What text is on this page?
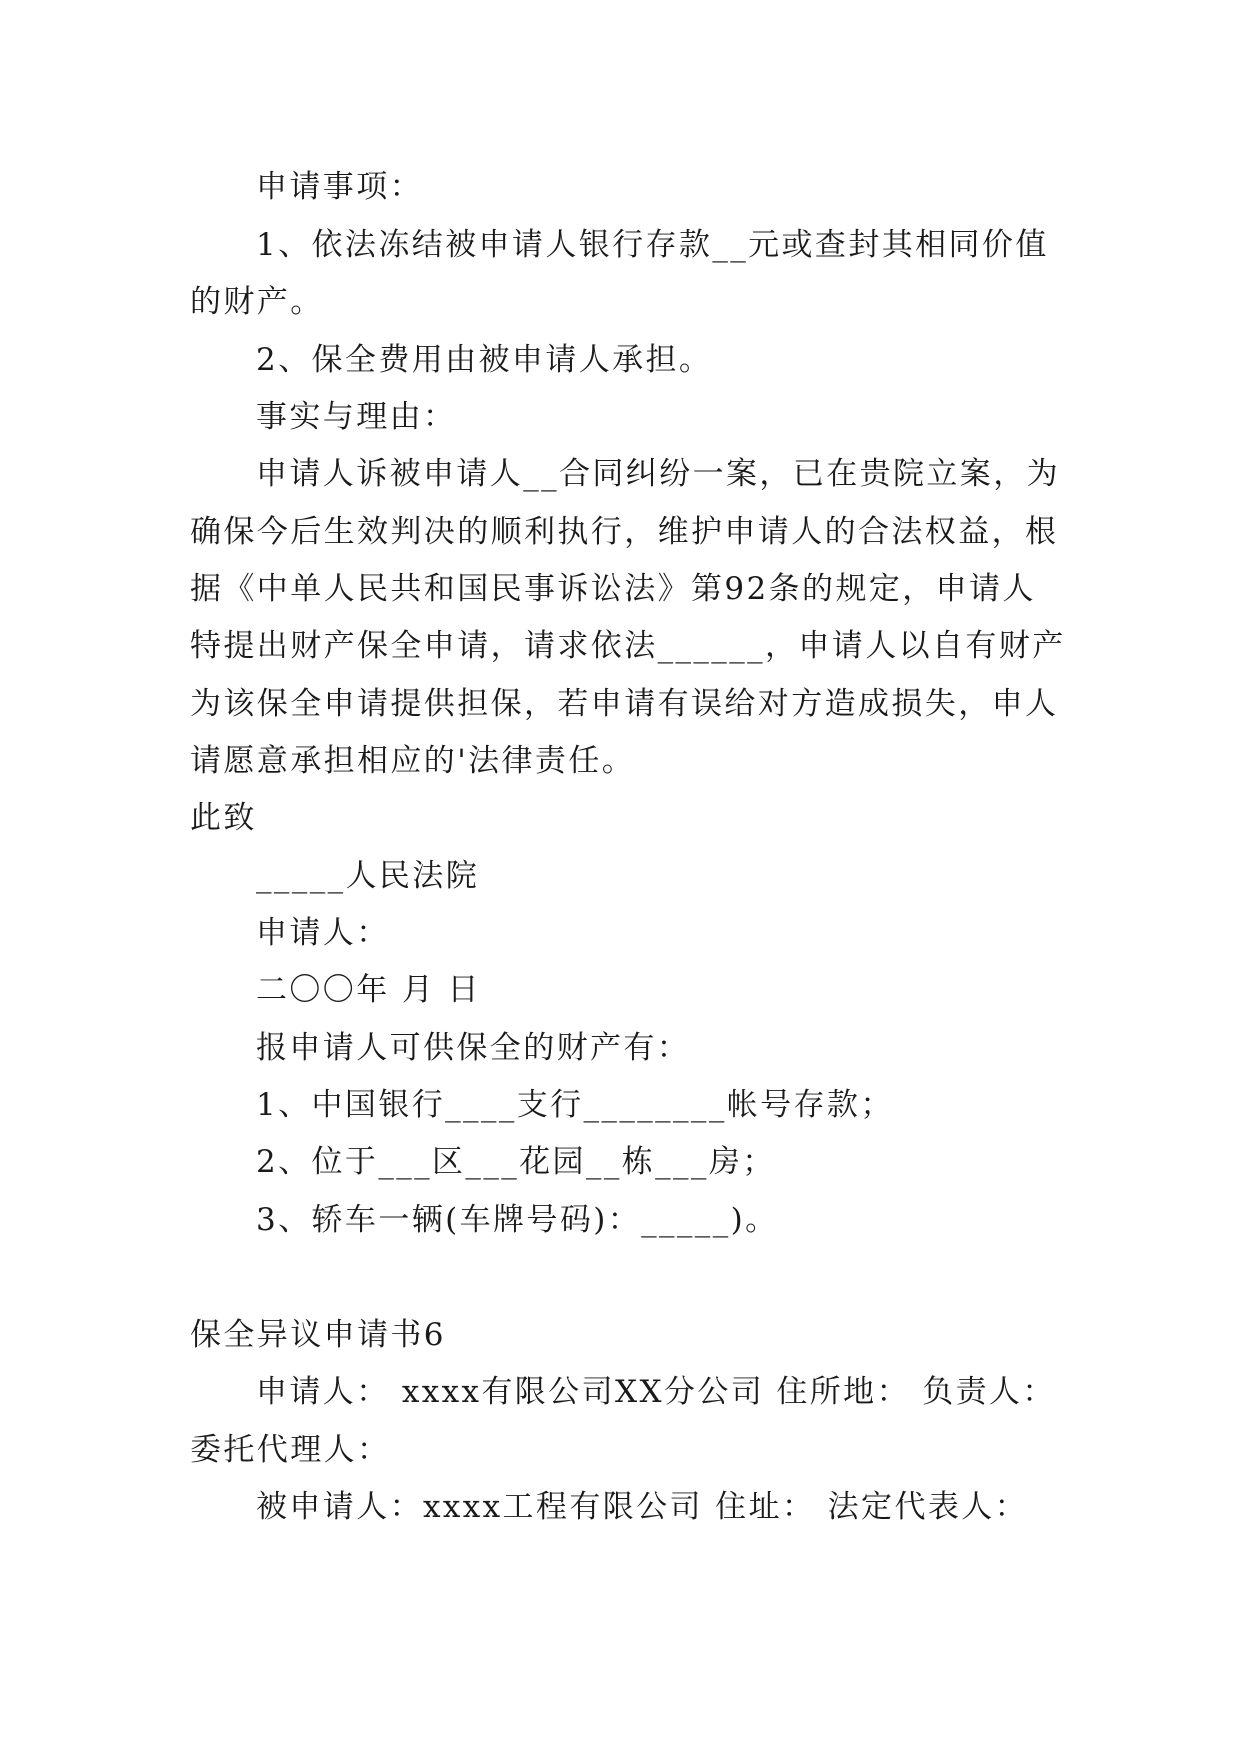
申请事项：
1、依法冻结被申请人银行存款__元或查封其相同价值
的财产。
2、保全费用由被申请人承担。
事实与理由：
申请人诉被申请人__合同纠纷一案，已在贵院立案，为
确保今后生效判决的顺利执行，维护申请人的合法权益，根
据《中单人民共和国民事诉讼法》第92条的规定，申请人
特提出财产保全申请，请求依法______，申请人以自有财产
为该保全申请提供担保，若申请有误给对方造成损失，申人
请愿意承担相应的'法律责任。
此致
_____人民法院
申请人：
二〇〇年 月 日
报申请人可供保全的财产有：
1、中国银行____支行________帐号存款；
2、位于___区___花园__栋___房；
3、轿车一辆(车牌号码)：_____)。
保全异议申请书6
申请人： xxxx有限公司XX分公司 住所地： 负责人：
委托代理人：
被申请人：xxxx工程有限公司 住址： 法定代表人：
